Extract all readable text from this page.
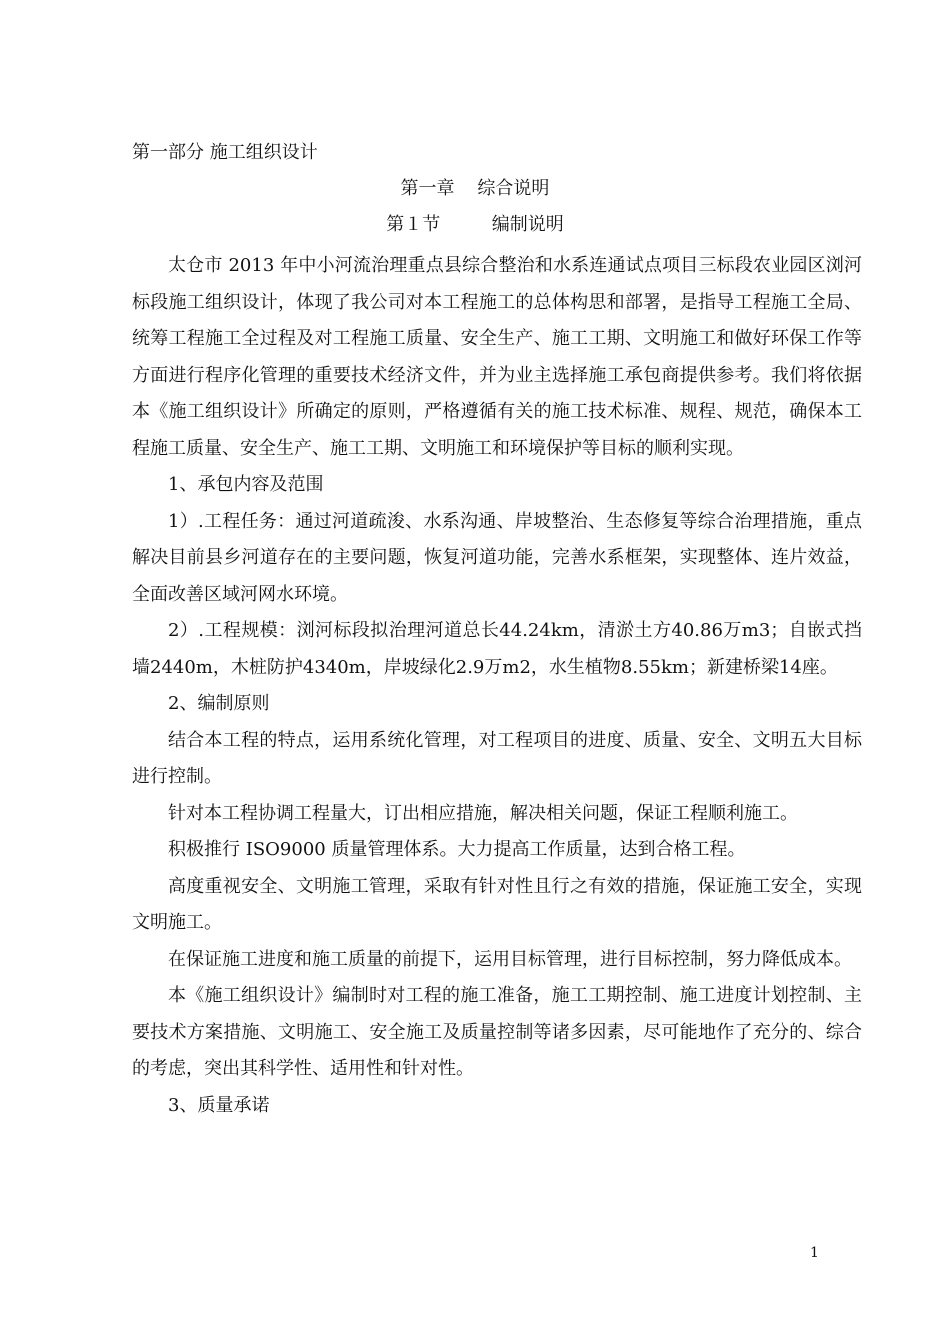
第一部分 施工组织设计
第一章    综合说明
第１节         编制说明

太仓市 2013 年中小河流治理重点县综合整治和水系连通试点项目三标段农业园区浏河标段施工组织设计，体现了我公司对本工程施工的总体构思和部署，是指导工程施工全局、统筹工程施工全过程及对工程施工质量、安全生产、施工工期、文明施工和做好环保工作等方面进行程序化管理的重要技术经济文件，并为业主选择施工承包商提供参考。我们将依据本《施工组织设计》所确定的原则，严格遵循有关的施工技术标准、规程、规范，确保本工程施工质量、安全生产、施工工期、文明施工和环境保护等目标的顺利实现。

1、承包内容及范围

1）.工程任务：通过河道疏浚、水系沟通、岸坡整治、生态修复等综合治理措施，重点解决目前县乡河道存在的主要问题，恢复河道功能，完善水系框架，实现整体、连片效益，全面改善区域河网水环境。

2）.工程规模：浏河标段拟治理河道总长44.24km，清淤土方40.86万m3；自嵌式挡墙2440m，木桩防护4340m，岸坡绿化2.9万m2，水生植物8.55km；新建桥梁14座。

2、编制原则

结合本工程的特点，运用系统化管理，对工程项目的进度、质量、安全、文明五大目标进行控制。

针对本工程协调工程量大，订出相应措施，解决相关问题，保证工程顺利施工。

积极推行 ISO9000 质量管理体系。大力提高工作质量，达到合格工程。

高度重视安全、文明施工管理，采取有针对性且行之有效的措施，保证施工安全，实现文明施工。

在保证施工进度和施工质量的前提下，运用目标管理，进行目标控制，努力降低成本。

本《施工组织设计》编制时对工程的施工准备，施工工期控制、施工进度计划控制、主要技术方案措施、文明施工、安全施工及质量控制等诸多因素，尽可能地作了充分的、综合的考虑，突出其科学性、适用性和针对性。

3、质量承诺

1
